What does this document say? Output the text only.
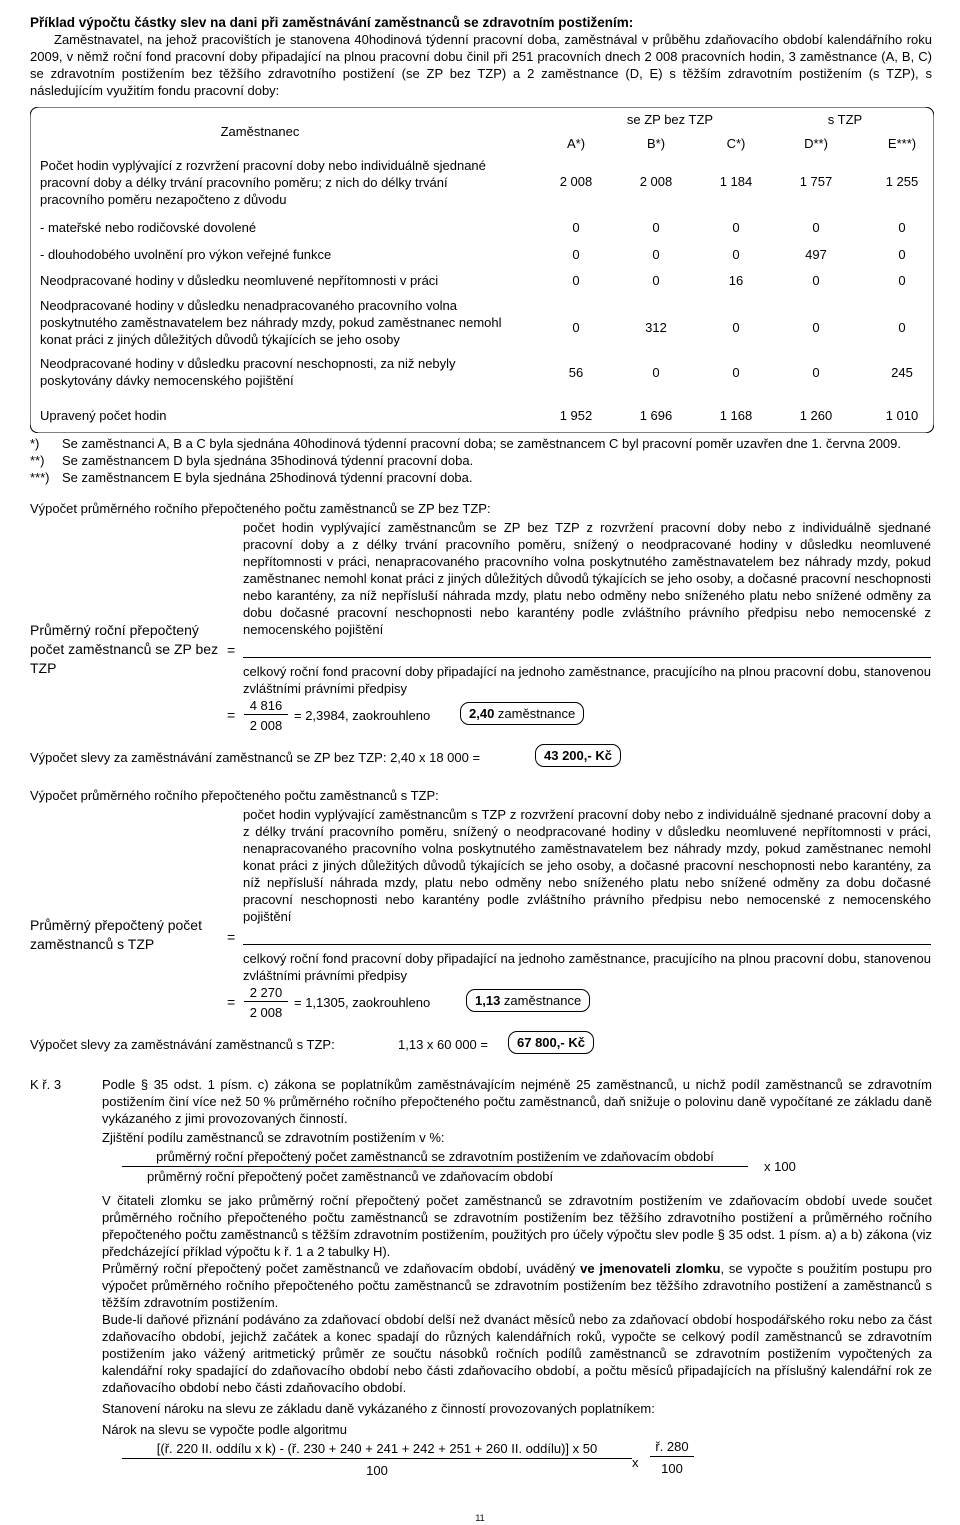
Příklad výpočtu částky slev na dani při zaměstnávání zaměstnanců se zdravotním postižením:
Zaměstnavatel, na jehož pracovištích je stanovena 40hodinová týdenní pracovní doba, zaměstnával v průběhu zdaňovacího období kalendářního roku 2009, v němž roční fond pracovní doby připadající na plnou pracovní dobu činil při 251 pracovních dnech 2 008 pracovních hodin, 3 zaměstnance (A, B, C) se zdravotním postižením bez těžšího zdravotního postižení (se ZP bez TZP) a 2 zaměstnance (D, E) s těžším zdravotním postižením (s TZP), s následujícím využitím fondu pracovní doby:
Zaměstnanec
se ZP bez TZP	s TZP
A*)	B*)	C*)	D**)	E***)
Počet hodin vyplývající z rozvržení pracovní doby nebo individuálně sjednané pracovní doby a délky trvání pracovního poměru; z nich do délky trvání pracovního poměru nezapočteno z důvodu
2 008	2 008	1 184	1 757	1 255
- mateřské nebo rodičovské dovolené	0	0	0	0	0
- dlouhodobého uvolnění pro výkon veřejné funkce	0	0	0	497	0
Neodpracované hodiny v důsledku neomluvené nepřítomnosti v práci	0	0	16	0	0
Neodpracované hodiny v důsledku nenadpracovaného pracovního volna poskytnutého zaměstnavatelem bez náhrady mzdy, pokud zaměstnanec nemohl konat práci z jiných důležitých důvodů týkajících se jeho osoby
0	312	0	0	0
Neodpracované hodiny v důsledku pracovní neschopnosti, za niž nebyly poskytovány dávky nemocenského pojištění
56	0	0	0	245
Upravený počet hodin	1 952	1 696	1 168	1 260	1 010
*)	Se zaměstnanci A, B a C byla sjednána 40hodinová týdenní pracovní doba; se zaměstnancem C byl pracovní poměr uzavřen dne 1. června 2009.
**)	Se zaměstnancem D byla sjednána 35hodinová týdenní pracovní doba.
***) Se zaměstnancem E byla sjednána 25hodinová týdenní pracovní doba.
Výpočet průměrného ročního přepočteného počtu zaměstnanců se ZP bez TZP:
Průměrný roční přepočtený počet zaměstnanců se ZP bez TZP
=
počet hodin vyplývající zaměstnancům se ZP bez TZP z rozvržení pracovní doby nebo z individuálně sjednané pracovní doby a z délky trvání pracovního poměru, snížený o neodpracované hodiny v důsledku neomluvené nepřítomnosti v práci, nenapracovaného pracovního volna poskytnutého zaměstnavatelem bez náhrady mzdy, pokud zaměstnanec nemohl konat práci z jiných důležitých důvodů týkajících se jeho osoby, a dočasné pracovní neschopnosti nebo karantény, za níž nepřísluší náhrada mzdy, platu nebo odměny nebo sníženého platu nebo snížené odměny za dobu dočasné pracovní neschopnosti nebo karantény podle zvláštního právního předpisu nebo nemocenské z nemocenského pojištění
celkový roční fond pracovní doby připadající na jednoho zaměstnance, pracujícího na plnou pracovní dobu, stanovenou zvláštními právními předpisy
=
4 816
2 008
= 2,3984, zaokrouhleno	2,40 zaměstnance
Výpočet slevy za zaměstnávání zaměstnanců se ZP bez TZP: 2,40 x 18 000 =	43 200,- Kč
Výpočet průměrného ročního přepočteného počtu zaměstnanců s TZP:
Průměrný přepočtený počet zaměstnanců s TZP	=
počet hodin vyplývající zaměstnancům s TZP z rozvržení pracovní doby nebo z individuálně sjednané pracovní doby a z délky trvání pracovního poměru, snížený o neodpracované hodiny v důsledku neomluvené nepřítomnosti v práci, nenapracovaného pracovního volna poskytnutého zaměstnavatelem bez náhrady mzdy, pokud zaměstnanec nemohl konat práci z jiných důležitých důvodů týkajících se jeho osoby, a dočasné pracovní neschopnosti nebo karantény, za níž nepřísluší náhrada mzdy, platu nebo odměny nebo sníženého platu nebo snížené odměny za dobu dočasné pracovní neschopnosti nebo karantény podle zvláštního právního předpisu nebo nemocenské z nemocenského pojištění
celkový roční fond pracovní doby připadající na jednoho zaměstnance, pracujícího na plnou pracovní dobu, stanovenou zvláštními právními předpisy
=
2 270
2 008
= 1,1305, zaokrouhleno	1,13 zaměstnance
Výpočet slevy za zaměstnávání zaměstnanců s TZP:	1,13 x 60 000 =	67 800,- Kč
K ř. 3	Podle § 35 odst. 1 písm. c) zákona se poplatníkům zaměstnávajícím nejméně 25 zaměstnanců, u nichž podíl zaměstnanců se zdravotním postižením činí více než 50 % průměrného ročního přepočteného počtu zaměstnanců, daň snižuje o polovinu daně vypočítané ze základu daně vykázaného z jimi provozovaných činností.
Zjištění podílu zaměstnanců se zdravotním postižením v %:
průměrný roční přepočtený počet zaměstnanců se zdravotním postižením ve zdaňovacím období
průměrný roční přepočtený počet zaměstnanců ve zdaňovacím období
x 100
V čitateli zlomku se jako průměrný roční přepočtený počet zaměstnanců se zdravotním postižením ve zdaňovacím období uvede součet průměrného ročního přepočteného počtu zaměstnanců se zdravotním postižením bez těžšího zdravotního postižení a průměrného ročního přepočteného počtu zaměstnanců s těžším zdravotním postižením, použitých pro účely výpočtu slev podle § 35 odst. 1 písm. a) a b) zákona (viz předcházející příklad výpočtu k ř. 1 a 2 tabulky H).
Průměrný roční přepočtený počet zaměstnanců ve zdaňovacím období, uváděný ve jmenovateli zlomku, se vypočte s použitím postupu pro výpočet průměrného ročního přepočteného počtu zaměstnanců se zdravotním postižením bez těžšího zdravotního postižení a zaměstnanců s těžším zdravotním postižením.
Bude-li daňové přiznání podáváno za zdaňovací období delší než dvanáct měsíců nebo za zdaňovací období hospodářského roku nebo za část zdaňovacího období, jejichž začátek a konec spadají do různých kalendářních roků, vypočte se celkový podíl zaměstnanců se zdravotním postižením jako vážený aritmetický průměr ze součtu násobků ročních podílů zaměstnanců se zdravotním postižením vypočtených za kalendářní roky spadající do zdaňovacího období nebo části zdaňovacího období, a počtu měsíců připadajících na příslušný kalendářní rok ze zdaňovacího období nebo části zdaňovacího období.
Stanovení nároku na slevu ze základu daně vykázaného z činností provozovaných poplatníkem:
Nárok na slevu se vypočte podle algoritmu
[(ř. 220 II. oddílu x k) - (ř. 230 + 240 + 241 + 242 + 251 + 260 II. oddílu)] x 50
100
x
ř. 280
100
11
